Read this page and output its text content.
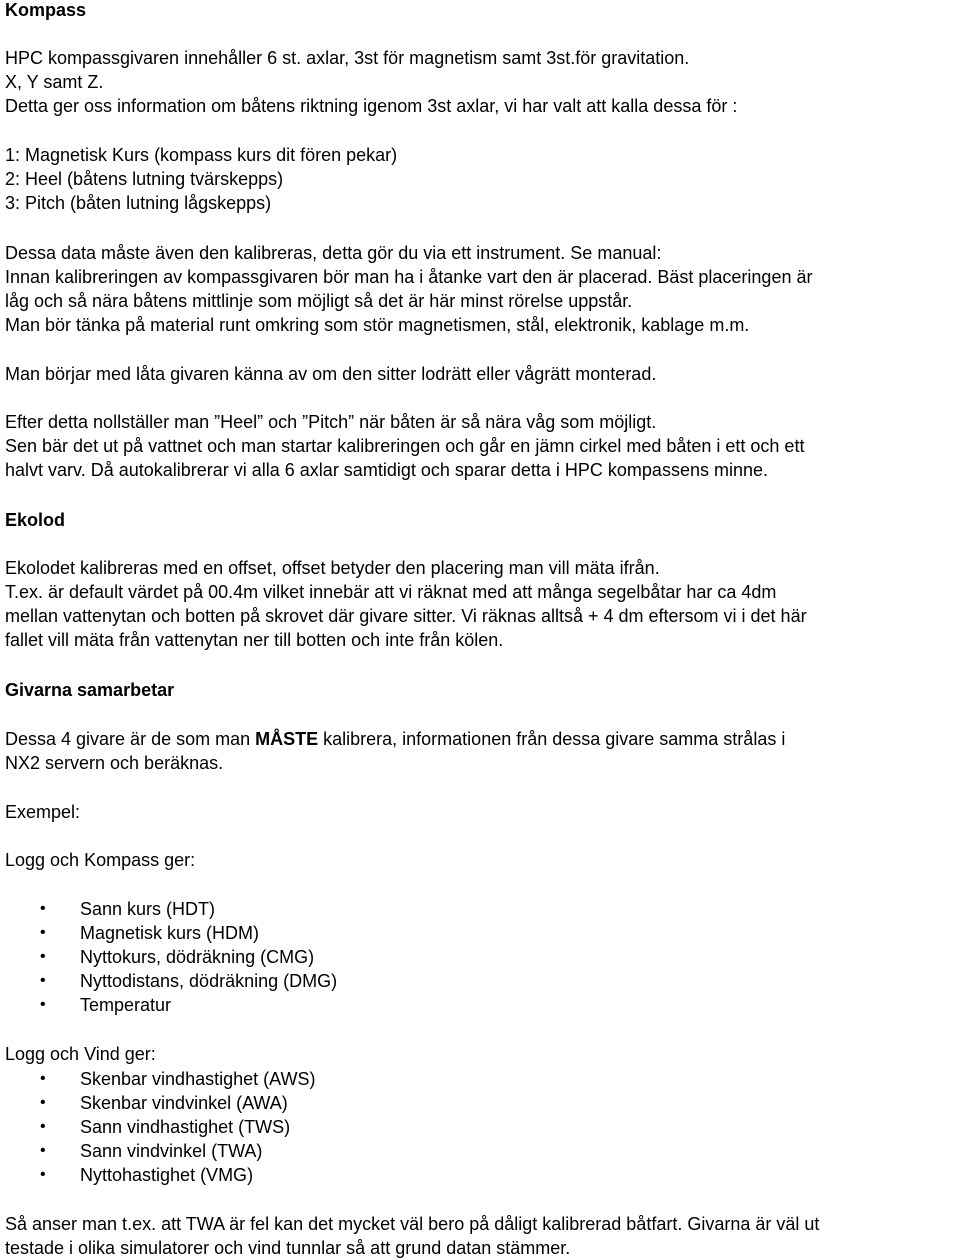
Kompass
HPC kompassgivaren innehåller 6 st. axlar, 3st för magnetism samt 3st.för gravitation.
X, Y samt Z.
Detta ger oss information om båtens riktning igenom 3st axlar, vi har valt att kalla dessa för :
1: Magnetisk Kurs (kompass kurs dit fören pekar)
2: Heel (båtens lutning tvärskepps)
3: Pitch (båten lutning lågskepps)
Dessa data måste även den kalibreras, detta gör du via ett instrument. Se manual:
Innan kalibreringen av kompassgivaren bör man ha i åtanke vart den är placerad. Bäst placeringen är
låg och så nära båtens mittlinje som möjligt så det är här minst rörelse uppstår.
Man bör tänka på material runt omkring som stör magnetismen, stål, elektronik, kablage m.m.
Man börjar med låta givaren känna av om den sitter lodrätt eller vågrätt monterad.
Efter detta nollställer man ”Heel” och ”Pitch” när båten är så nära våg som möjligt.
Sen bär det ut på vattnet och man startar kalibreringen och går en jämn cirkel med båten i ett och ett
halvt varv. Då autokalibrerar vi alla 6 axlar samtidigt och sparar detta i HPC kompassens minne.
Ekolod
Ekolodet kalibreras med en offset, offset betyder den placering man vill mäta ifrån.
T.ex. är default värdet på 00.4m vilket innebär att vi räknat med att många segelbåtar har ca 4dm
mellan vattenytan och botten på skrovet där givare sitter. Vi räknas alltså + 4 dm eftersom vi i det här
fallet vill mäta från vattenytan ner till botten och inte från kölen.
Givarna samarbetar
Dessa 4 givare är de som man MÅSTE kalibrera, informationen från dessa givare samma strålas i
NX2 servern och beräknas.
Exempel:
Logg och Kompass ger:
• Sann kurs (HDT)
• Magnetisk kurs (HDM)
• Nyttokurs, dödräkning (CMG)
• Nyttodistans, dödräkning (DMG)
• Temperatur
Logg och Vind ger:
• Skenbar vindhastighet (AWS)
• Skenbar vindvinkel (AWA)
• Sann vindhastighet (TWS)
• Sann vindvinkel (TWA)
• Nyttohastighet (VMG)
Så anser man t.ex. att TWA är fel kan det mycket väl bero på dåligt kalibrerad båtfart. Givarna är väl ut
testade i olika simulatorer och vind tunnlar så att grund datan stämmer.
